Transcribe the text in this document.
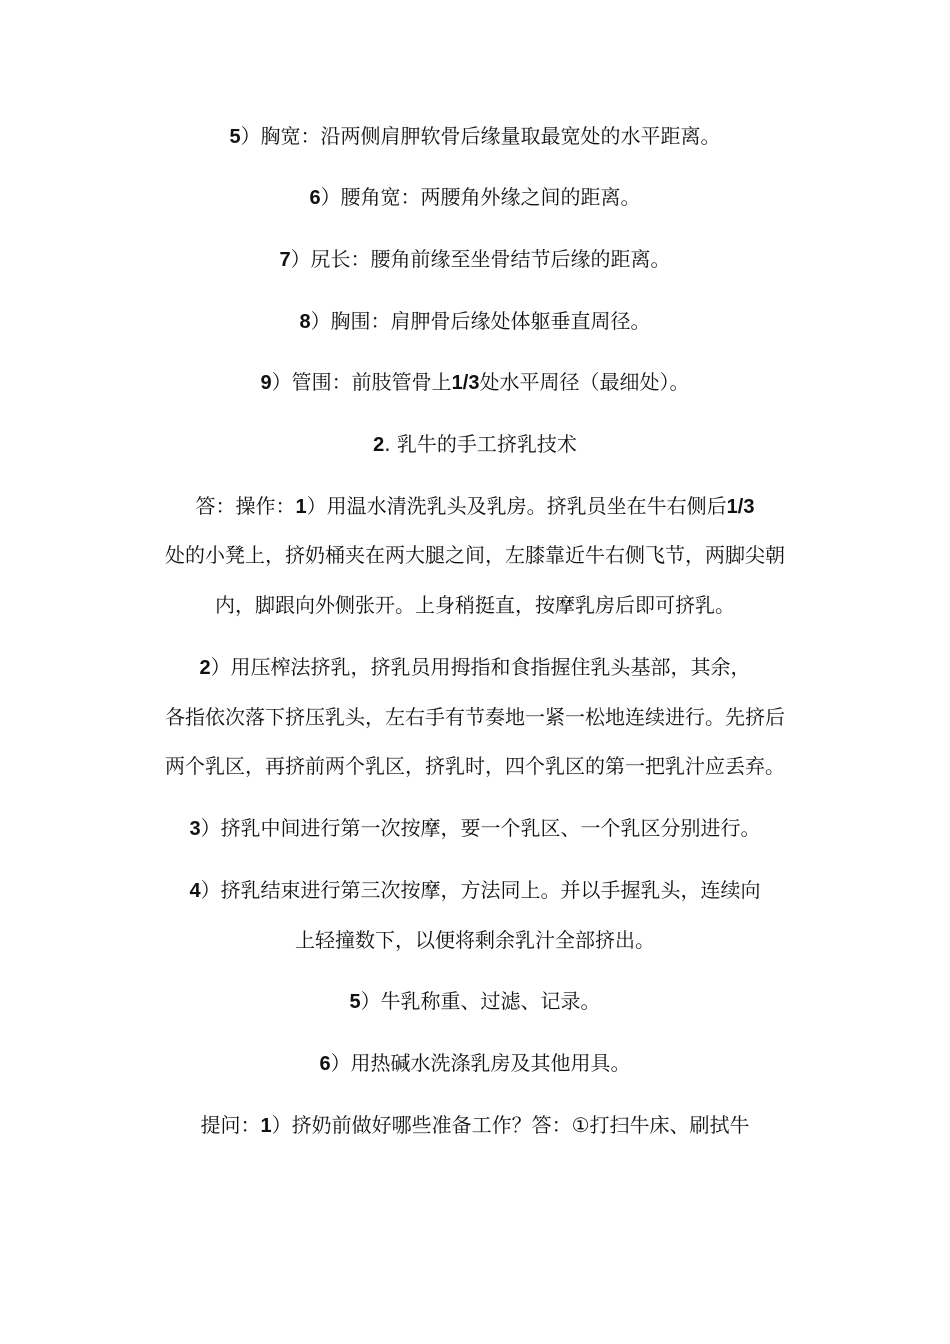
5）胸宽：沿两侧肩胛软骨后缘量取最宽处的水平距离。
6）腰角宽：两腰角外缘之间的距离。
7）尻长：腰角前缘至坐骨结节后缘的距离。
8）胸围：肩胛骨后缘处体躯垂直周径。
9）管围：前肢管骨上1/3处水平周径（最细处）。
2. 乳牛的手工挤乳技术
答：操作：1）用温水清洗乳头及乳房。挤乳员坐在牛右侧后1/3
处的小凳上，挤奶桶夹在两大腿之间，左膝靠近牛右侧飞节，两脚尖朝
内，脚跟向外侧张开。上身稍挺直，按摩乳房后即可挤乳。
2）用压榨法挤乳，挤乳员用拇指和食指握住乳头基部，其余，
各指依次落下挤压乳头，左右手有节奏地一紧一松地连续进行。先挤后
两个乳区，再挤前两个乳区，挤乳时，四个乳区的第一把乳汁应丢弃。
3）挤乳中间进行第一次按摩，要一个乳区、一个乳区分别进行。
4）挤乳结束进行第三次按摩，方法同上。并以手握乳头，连续向
上轻撞数下，以便将剩余乳汁全部挤出。
5）牛乳称重、过滤、记录。
6）用热碱水洗涤乳房及其他用具。
提问：1）挤奶前做好哪些准备工作？答：①打扫牛床、刷拭牛
